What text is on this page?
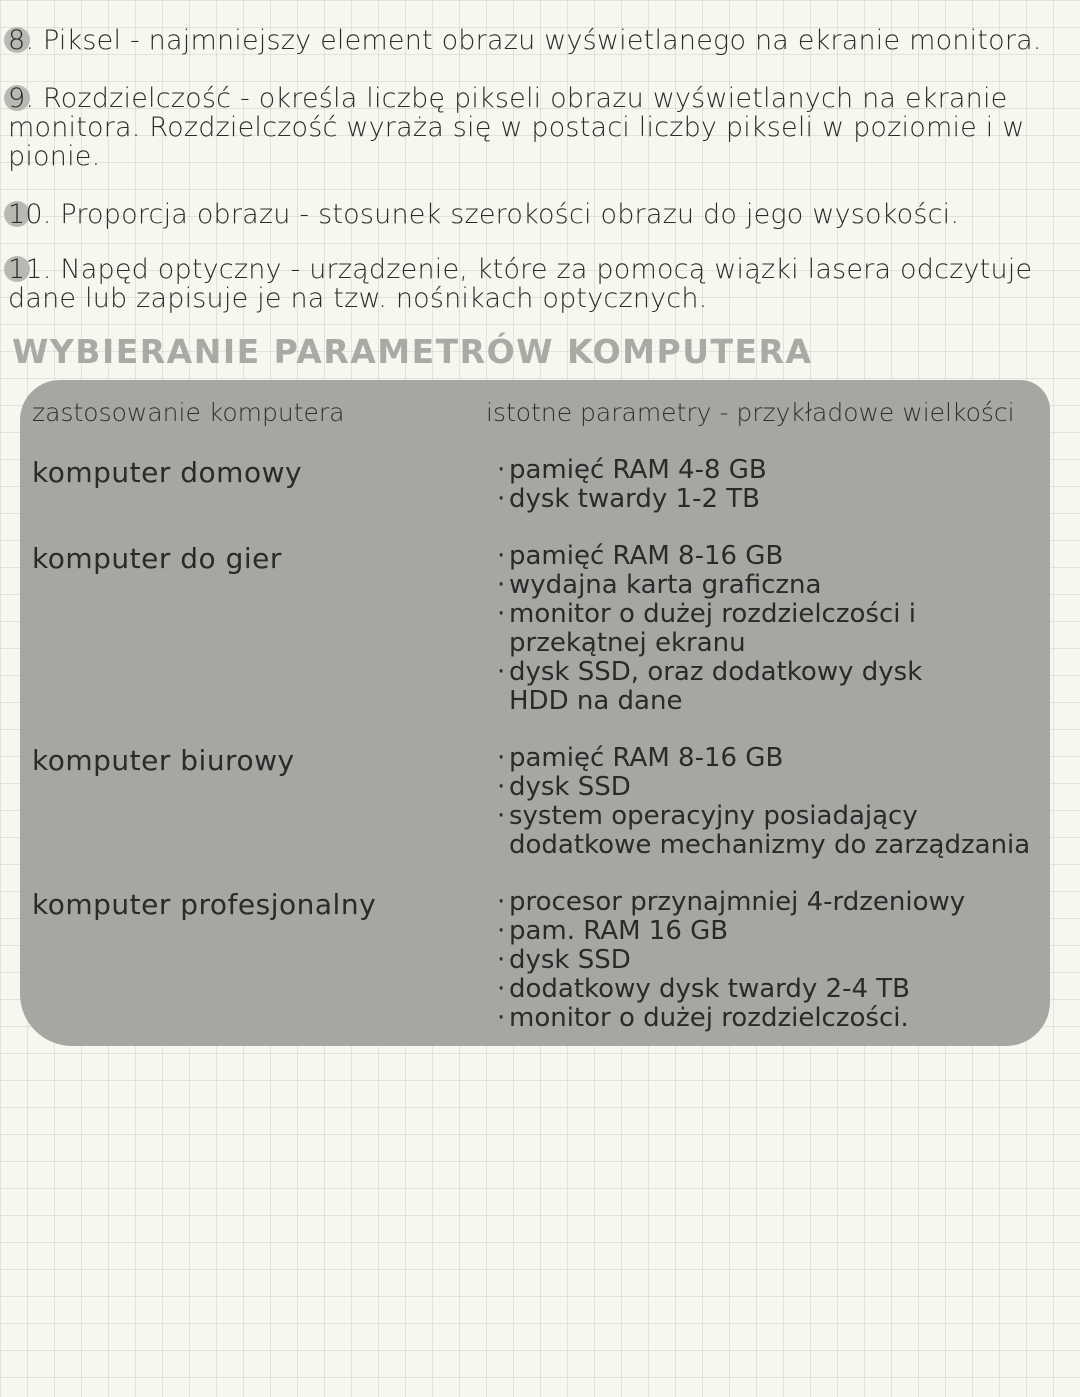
8. Piksel - najmniejszy element obrazu wyświetlanego na ekranie monitora.
9. Rozdzielczość - określa liczbę pikseli obrazu wyświetlanych na ekranie monitora. Rozdzielczość wyraża się w postaci liczby pikseli w poziomie i w pionie.
10. Proporcja obrazu - stosunek szerokości obrazu do jego wysokości.
11. Napęd optyczny - urządzenie, które za pomocą wiązki lasera odczytuje dane lub zapisuje je na tzw. nośnikach optycznych.
WYBIERANIE PARAMETRÓW KOMPUTERA
zastosowanie komputera	istotne parametry - przykładowe wielkości
komputer domowy	· pamięć RAM 4-8 GB
· dysk twardy 1-2 TB
komputer do gier	· pamięć RAM 8-16 GB
· wydajna karta graficzna
· monitor o dużej rozdzielczości i
przekątnej ekranu
· dysk SSD, oraz dodatkowy dysk
HDD na dane
komputer biurowy	· pamięć RAM 8-16 GB
· dysk SSD
· system operacyjny posiadający
dodatkowe mechanizmy do zarządzania
komputer profesjonalny	· procesor przynajmniej 4-rdzeniowy
· pam. RAM 16 GB
· dysk SSD
· dodatkowy dysk twardy 2-4 TB
· monitor o dużej rozdzielczości.
